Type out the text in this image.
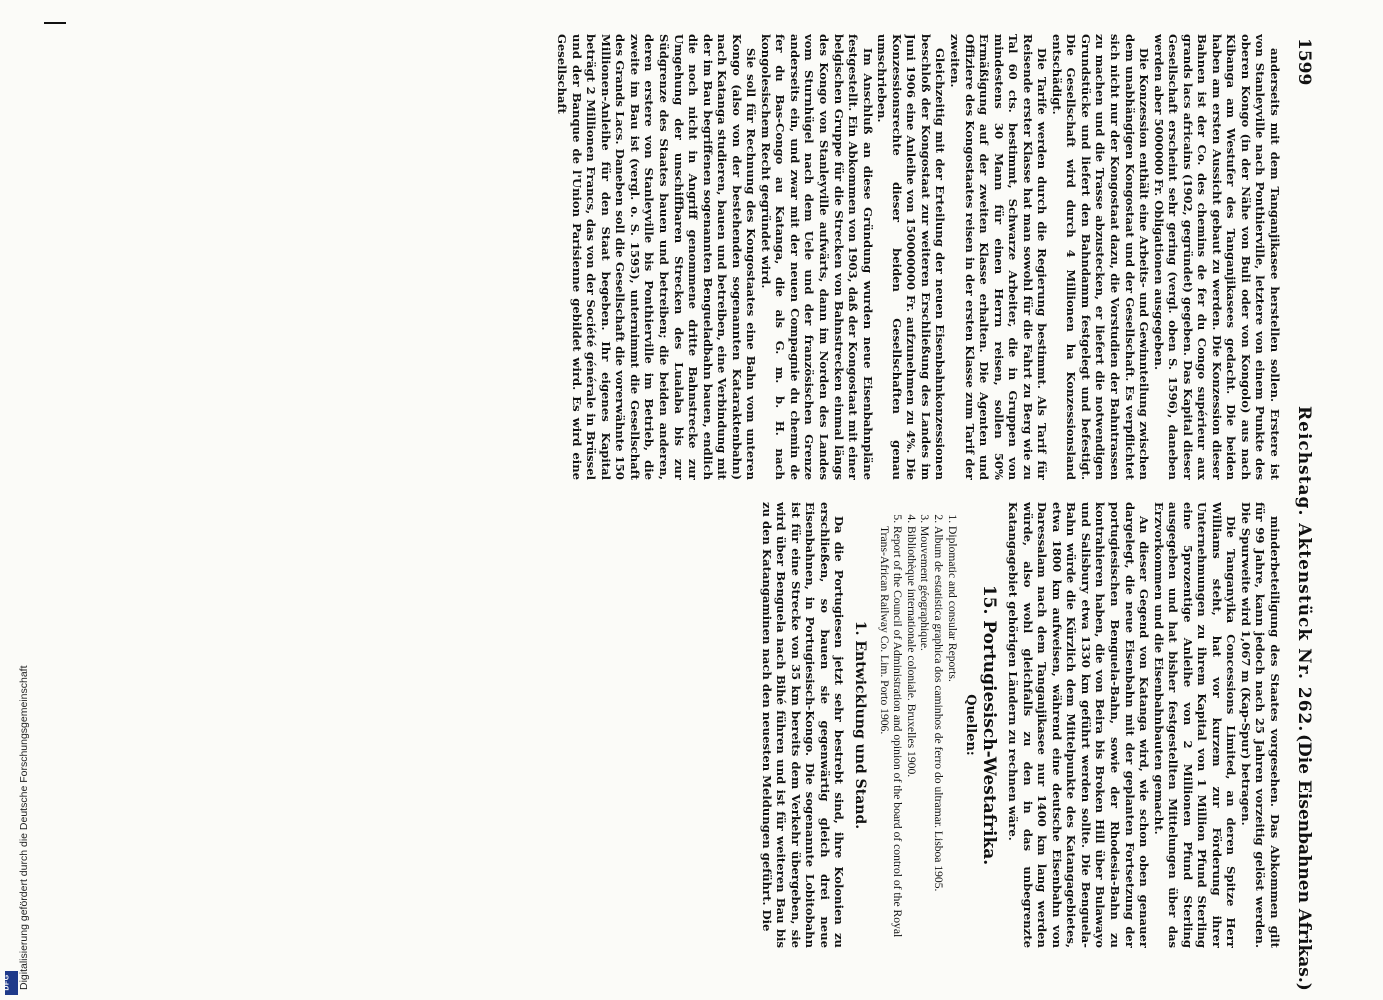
Digitalisierung gefördert durch die Deutsche Forschungsgemeinschaft
DFG
1599
Reichstag. Aktenstück Nr. 262.
(Die Eisenbahnen Afrikas.)

anderseits mit dem Tanganjikasee herstellen sollen. Erstere ist von Stanleyville nach Ponthierville, letztere von einem Punkte des oberen Kongo (in der Nähe von Buli oder von Kongolo) aus nach Kibanga am Westufer des Tanganjikasees gedacht. Die beiden haben am ersten Aussicht gebaut zu werden. Die Konzession dieser Bahnen ist der Co. des chemins de fer du Congo supérieur aux grands lacs africains (1902, gegründet) gegeben. Das Kapital dieser Gesellschaft erscheint sehr gering (vergl. oben S. 1596), daneben werden aber 5000000 Fr. Obligationen ausgegeben.

Die Konzession enthält eine Arbeits- und Gewinnteilung zwischen dem unabhängigen Kongostaat und der Gesellschaft. Es verpflichtet sich nicht nur der Kongostaat dazu, die Vorstudien der Bahntrassen zu machen und die Trasse abzustecken, er liefert die notwendigen Grundstücke und liefert den Bahndamm festgelegt und befestigt. Die Gesellschaft wird durch 4 Millionen ha Konzessionsland entschädigt.

Die Tarife werden durch die Regierung bestimmt. Als Tarif für Reisende erster Klasse hat man sowohl für die Fahrt zu Berg wie zu Tal 60 cts. bestimmt, Schwarze Arbeiter, die in Gruppen von mindestens 30 Mann für einen Herrn reisen, sollen 50% Ermäßigung auf der zweiten Klasse erhalten. Die Agenten und Offiziere des Kongostaates reisen in der ersten Klasse zum Tarif der zweiten.

Gleichzeitig mit der Erteilung der neuen Eisenbahnkonzessionen beschloß der Kongostaat zur weiteren Erschließung des Landes im Juni 1906 eine Anleihe von 150000000 Fr. aufzunehmen zu 4%. Die Konzessionsrechte dieser beiden Gesellschaften genau umschrieben.

Im Anschluß an diese Gründung wurden neue Eisenbahnpläne festgestellt. Ein Abkommen von 1903, daß der Kongostaat mit einer belgischen Gruppe für die Strecken von Bahnstrecken einmal längs des Kongo von Stanleyville aufwärts, dann im Norden des Landes vom Sturnhügel nach dem Uele und der französischen Grenze anderseits ein, und zwar mit der neuen Compagnie du chemin de fer du Bas-Congo au Katanga, die als G. m. b. H. nach kongolesischem Recht gegründet wird.

Sie soll für Rechnung des Kongostaates eine Bahn vom unteren Kongo (also von der bestehenden sogenannten Kataraktenbahn) nach Katanga studieren, bauen und betreiben, eine Verbindung mit der im Bau begriffenen sogenannten Bengueladbahn bauen, endlich die noch nicht in Angriff genommene dritte Bahnstrecke zur Umgehung der unschiffbaren Strecken des Lualaba bis zur Südgrenze des Staates bauen und betreiben; die beiden anderen, deren erstere von Stanleyville bis Ponthierville im Betrieb, die zweite im Bau ist (vergl. o. S. 1595), unternimmt die Gesellschaft des Grands Lacs. Daneben soll die Gesellschaft die vorerwähnte 150 Millionen-Anleihe für den Staat begeben. Ihr eigenes Kapital beträgt 2 Millionen Francs, das von der Société générale in Brüssel und der Banque de l'Union Parisienne gebildet wird. Es wird eine Gesellschaft

minderbeteiligung des Staates vorgesehen. Das Abkommen gilt für 99 Jahre, kann jedoch nach 25 Jahren vorzeitig gelöst werden. Die Spurweite wird 1,067 m (Kap-Spur) betragen.

Die Tanganyika Concessions Limited, an deren Spitze Herr Williams steht, hat vor kurzem zur Förderung ihrer Unternehmungen zu ihrem Kapital von 1 Million Pfund Sterling eine 5prozentige Anleihe von 2 Millionen Pfund Sterling ausgegeben und hat bisher festgestellten Mittelungen über das Erzvorkommen und die Eisenbahnbauten gemacht.

An dieser Gegend von Katanga wird, wie schon oben genauer dargelegt, die neue Eisenbahn mit der geplanten Fortsetzung der portugiesischen Benguela-Bahn, sowie der Rhodesia-Bahn zu kontrahieren haben, die von Beira bis Broken Hill über Bulawayo und Salisbury etwa 1330 km geführt werden sollte. Die Benguela-Bahn würde die Kürzlich dem Mittelpunkte des Katangagebietes, etwa 1800 km aufweisen, während eine deutsche Eisenbahn von Daressalam nach dem Tanganjikasee nur 1400 km lang werden würde, also wohl gleichfalls zu den in das unbegrenzte Katangagebiet gehörigen Ländern zu rechnen wäre.

15. Portugiesisch-Westafrika.
Quellen:
1. Diplomatic and consular Reports.
2. Album de estatistica graphica dos caminhos de ferro do ultramar. Lisboa 1905.
3. Mouvement géographique.
4. Bibliothèque internationale coloniale. Bruxelles 1900.
5. Report of the Council of Administration and opinion of the board of control of the Royal Trans-African Railway Co. Lim. Porto 1906.
1. Entwicklung und Stand.

Da die Portugiesen jetzt sehr bestrebt sind, ihre Kolonien zu erschließen, so bauen sie gegenwärtig gleich drei neue Eisenbahnen, in Portugiesisch-Kongo. Die sogenannte Lobitobahn ist für eine Strecke von 35 km bereits dem Verkehr übergeben, sie wird über Benguela nach Bihé führen und ist für weiteren Bau bis zu den Katangaminen nach den neuesten Meldungen geführt. Die
